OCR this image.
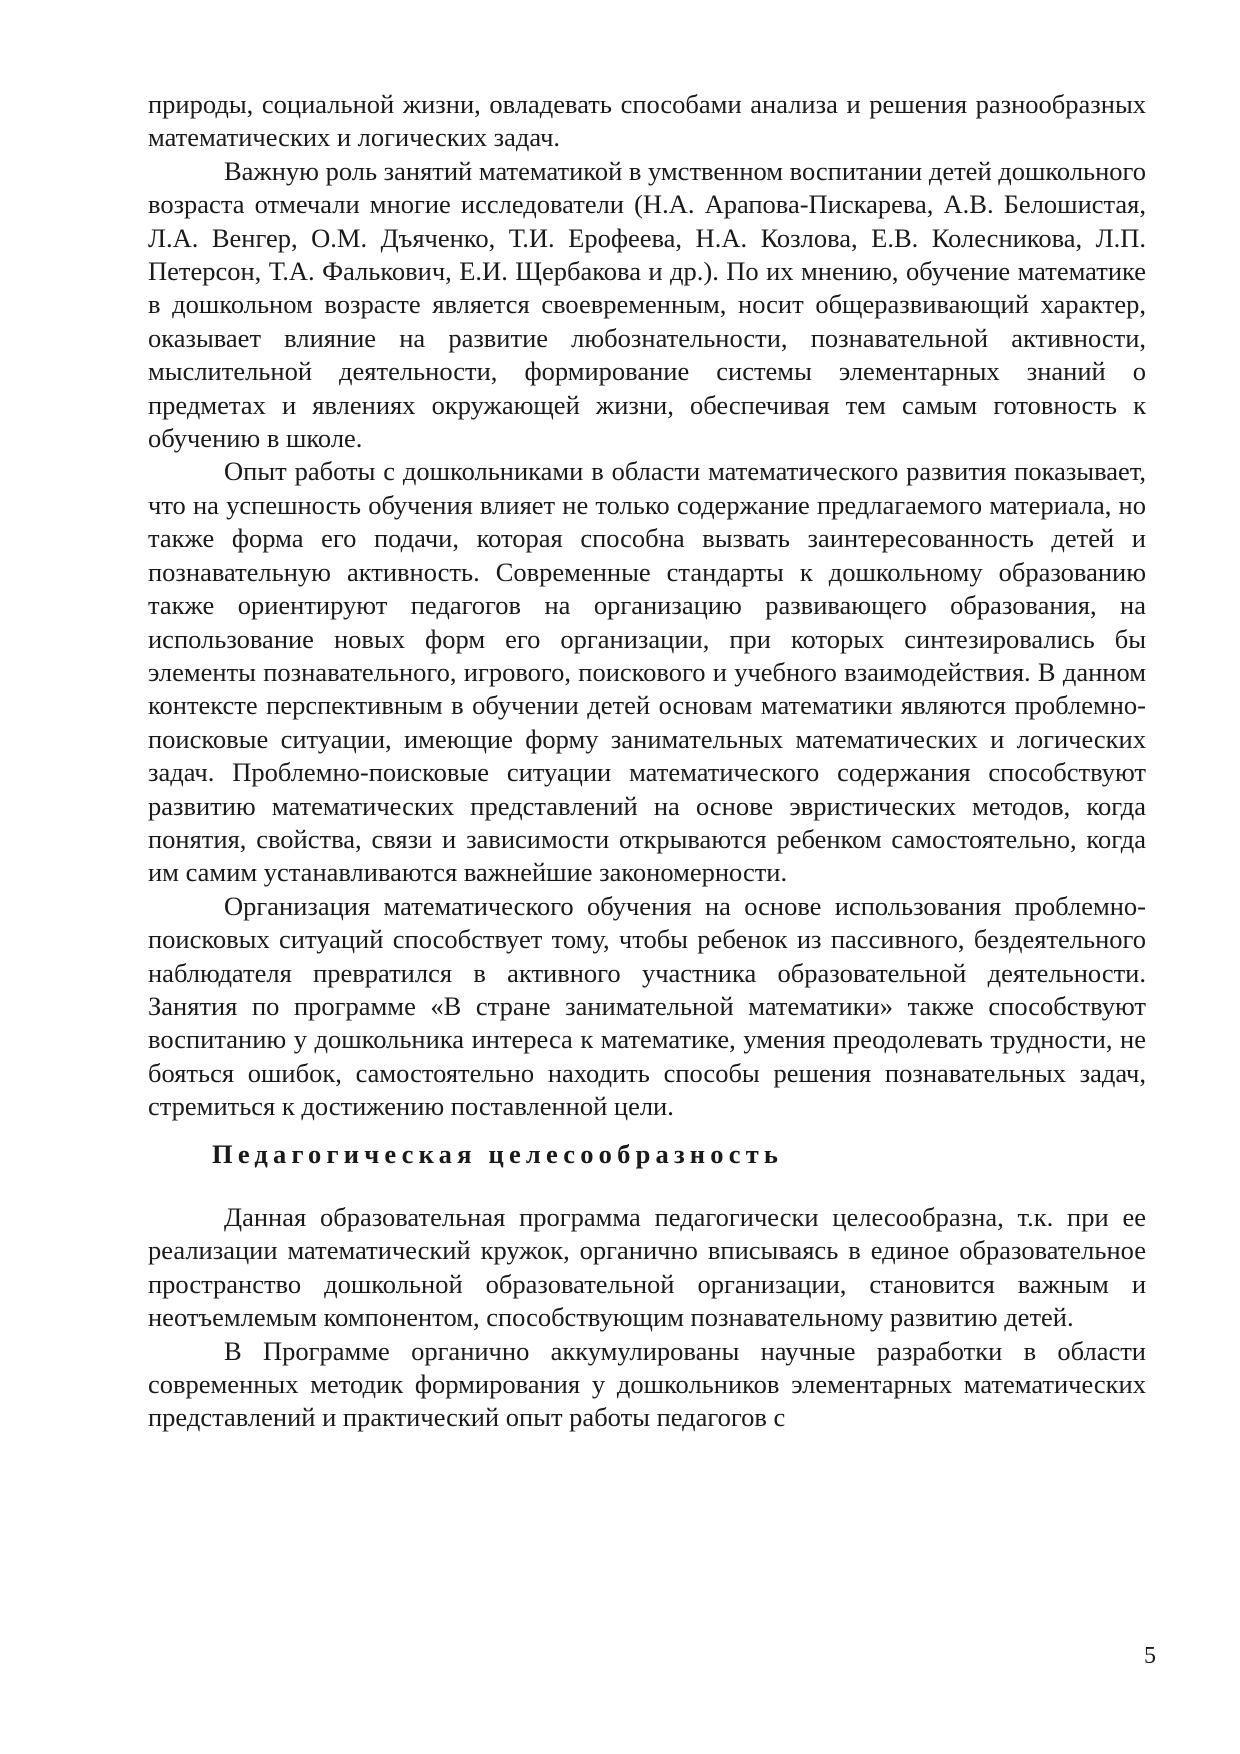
природы, социальной жизни, овладевать способами анализа и решения разнообразных математических и логических задач.

Важную роль занятий математикой в умственном воспитании детей дошкольного возраста отмечали многие исследователи (Н.А. Арапова-Пискарева, А.В. Белошистая, Л.А. Венгер, О.М. Дъяченко, Т.И. Ерофеева, Н.А. Козлова, Е.В. Колесникова, Л.П. Петерсон, Т.А. Фалькович, Е.И. Щербакова и др.). По их мнению, обучение математике в дошкольном возрасте является своевременным, носит общеразвивающий характер, оказывает влияние на развитие любознательности, познавательной активности, мыслительной деятельности, формирование системы элементарных знаний о предметах и явлениях окружающей жизни, обеспечивая тем самым готовность к обучению в школе.

Опыт работы с дошкольниками в области математического развития показывает, что на успешность обучения влияет не только содержание предлагаемого материала, но также форма его подачи, которая способна вызвать заинтересованность детей и познавательную активность. Современные стандарты к дошкольному образованию также ориентируют педагогов на организацию развивающего образования, на использование новых форм его организации, при которых синтезировались бы элементы познавательного, игрового, поискового и учебного взаимодействия. В данном контексте перспективным в обучении детей основам математики являются проблемно-поисковые ситуации, имеющие форму занимательных математических и логических задач. Проблемно-поисковые ситуации математического содержания способствуют развитию математических представлений на основе эвристических методов, когда понятия, свойства, связи и зависимости открываются ребенком самостоятельно, когда им самим устанавливаются важнейшие закономерности.

Организация математического обучения на основе использования проблемно-поисковых ситуаций способствует тому, чтобы ребенок из пассивного, бездеятельного наблюдателя превратился в активного участника образовательной деятельности. Занятия по программе «В стране занимательной математики» также способствуют воспитанию у дошкольника интереса к математике, умения преодолевать трудности, не бояться ошибок, самостоятельно находить способы решения познавательных задач, стремиться к достижению поставленной цели.

Педагогическая целесообразность

Данная образовательная программа педагогически целесообразна, т.к. при ее реализации математический кружок, органично вписываясь в единое образовательное пространство дошкольной образовательной организации, становится важным и неотъемлемым компонентом, способствующим познавательному развитию детей.

В Программе органично аккумулированы научные разработки в области современных методик формирования у дошкольников элементарных математических представлений и практический опыт работы педагогов с

5
